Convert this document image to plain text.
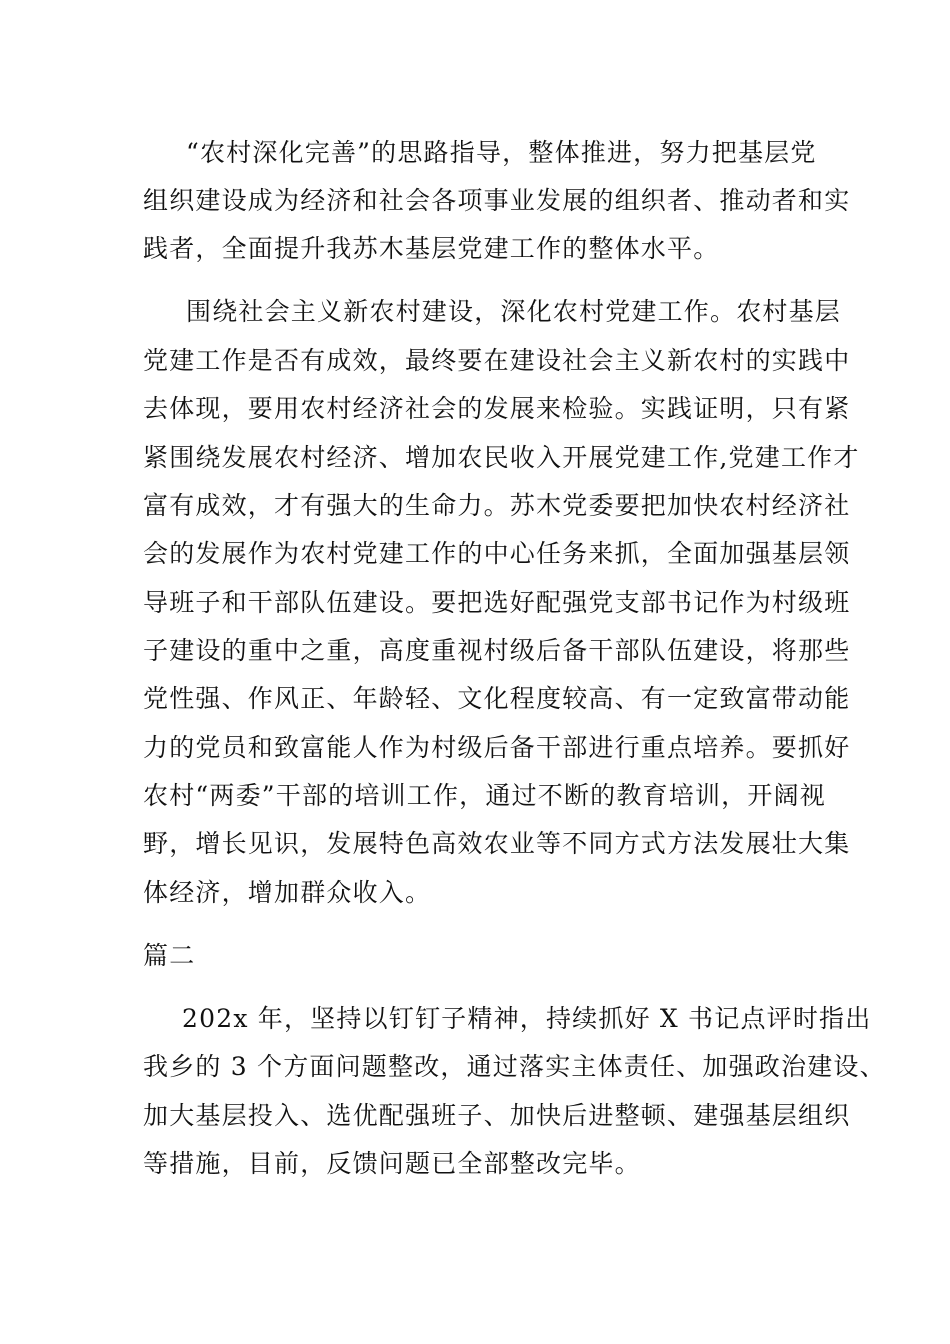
“农村深化完善”的思路指导，整体推进，努力把基层党
组织建设成为经济和社会各项事业发展的组织者、推动者和实
践者，全面提升我苏木基层党建工作的整体水平。
围绕社会主义新农村建设，深化农村党建工作。农村基层
党建工作是否有成效，最终要在建设社会主义新农村的实践中
去体现，要用农村经济社会的发展来检验。实践证明，只有紧
紧围绕发展农村经济、增加农民收入开展党建工作,党建工作才
富有成效，才有强大的生命力。苏木党委要把加快农村经济社
会的发展作为农村党建工作的中心任务来抓，全面加强基层领
导班子和干部队伍建设。要把选好配强党支部书记作为村级班
子建设的重中之重，高度重视村级后备干部队伍建设，将那些
党性强、作风正、年龄轻、文化程度较高、有一定致富带动能
力的党员和致富能人作为村级后备干部进行重点培养。要抓好
农村“两委”干部的培训工作，通过不断的教育培训，开阔视
野，增长见识，发展特色高效农业等不同方式方法发展壮大集
体经济，增加群众收入。
篇二
202x 年，坚持以钉钉子精神，持续抓好 X 书记点评时指出
我乡的 3 个方面问题整改，通过落实主体责任、加强政治建设、
加大基层投入、选优配强班子、加快后进整顿、建强基层组织
等措施，目前，反馈问题已全部整改完毕。
